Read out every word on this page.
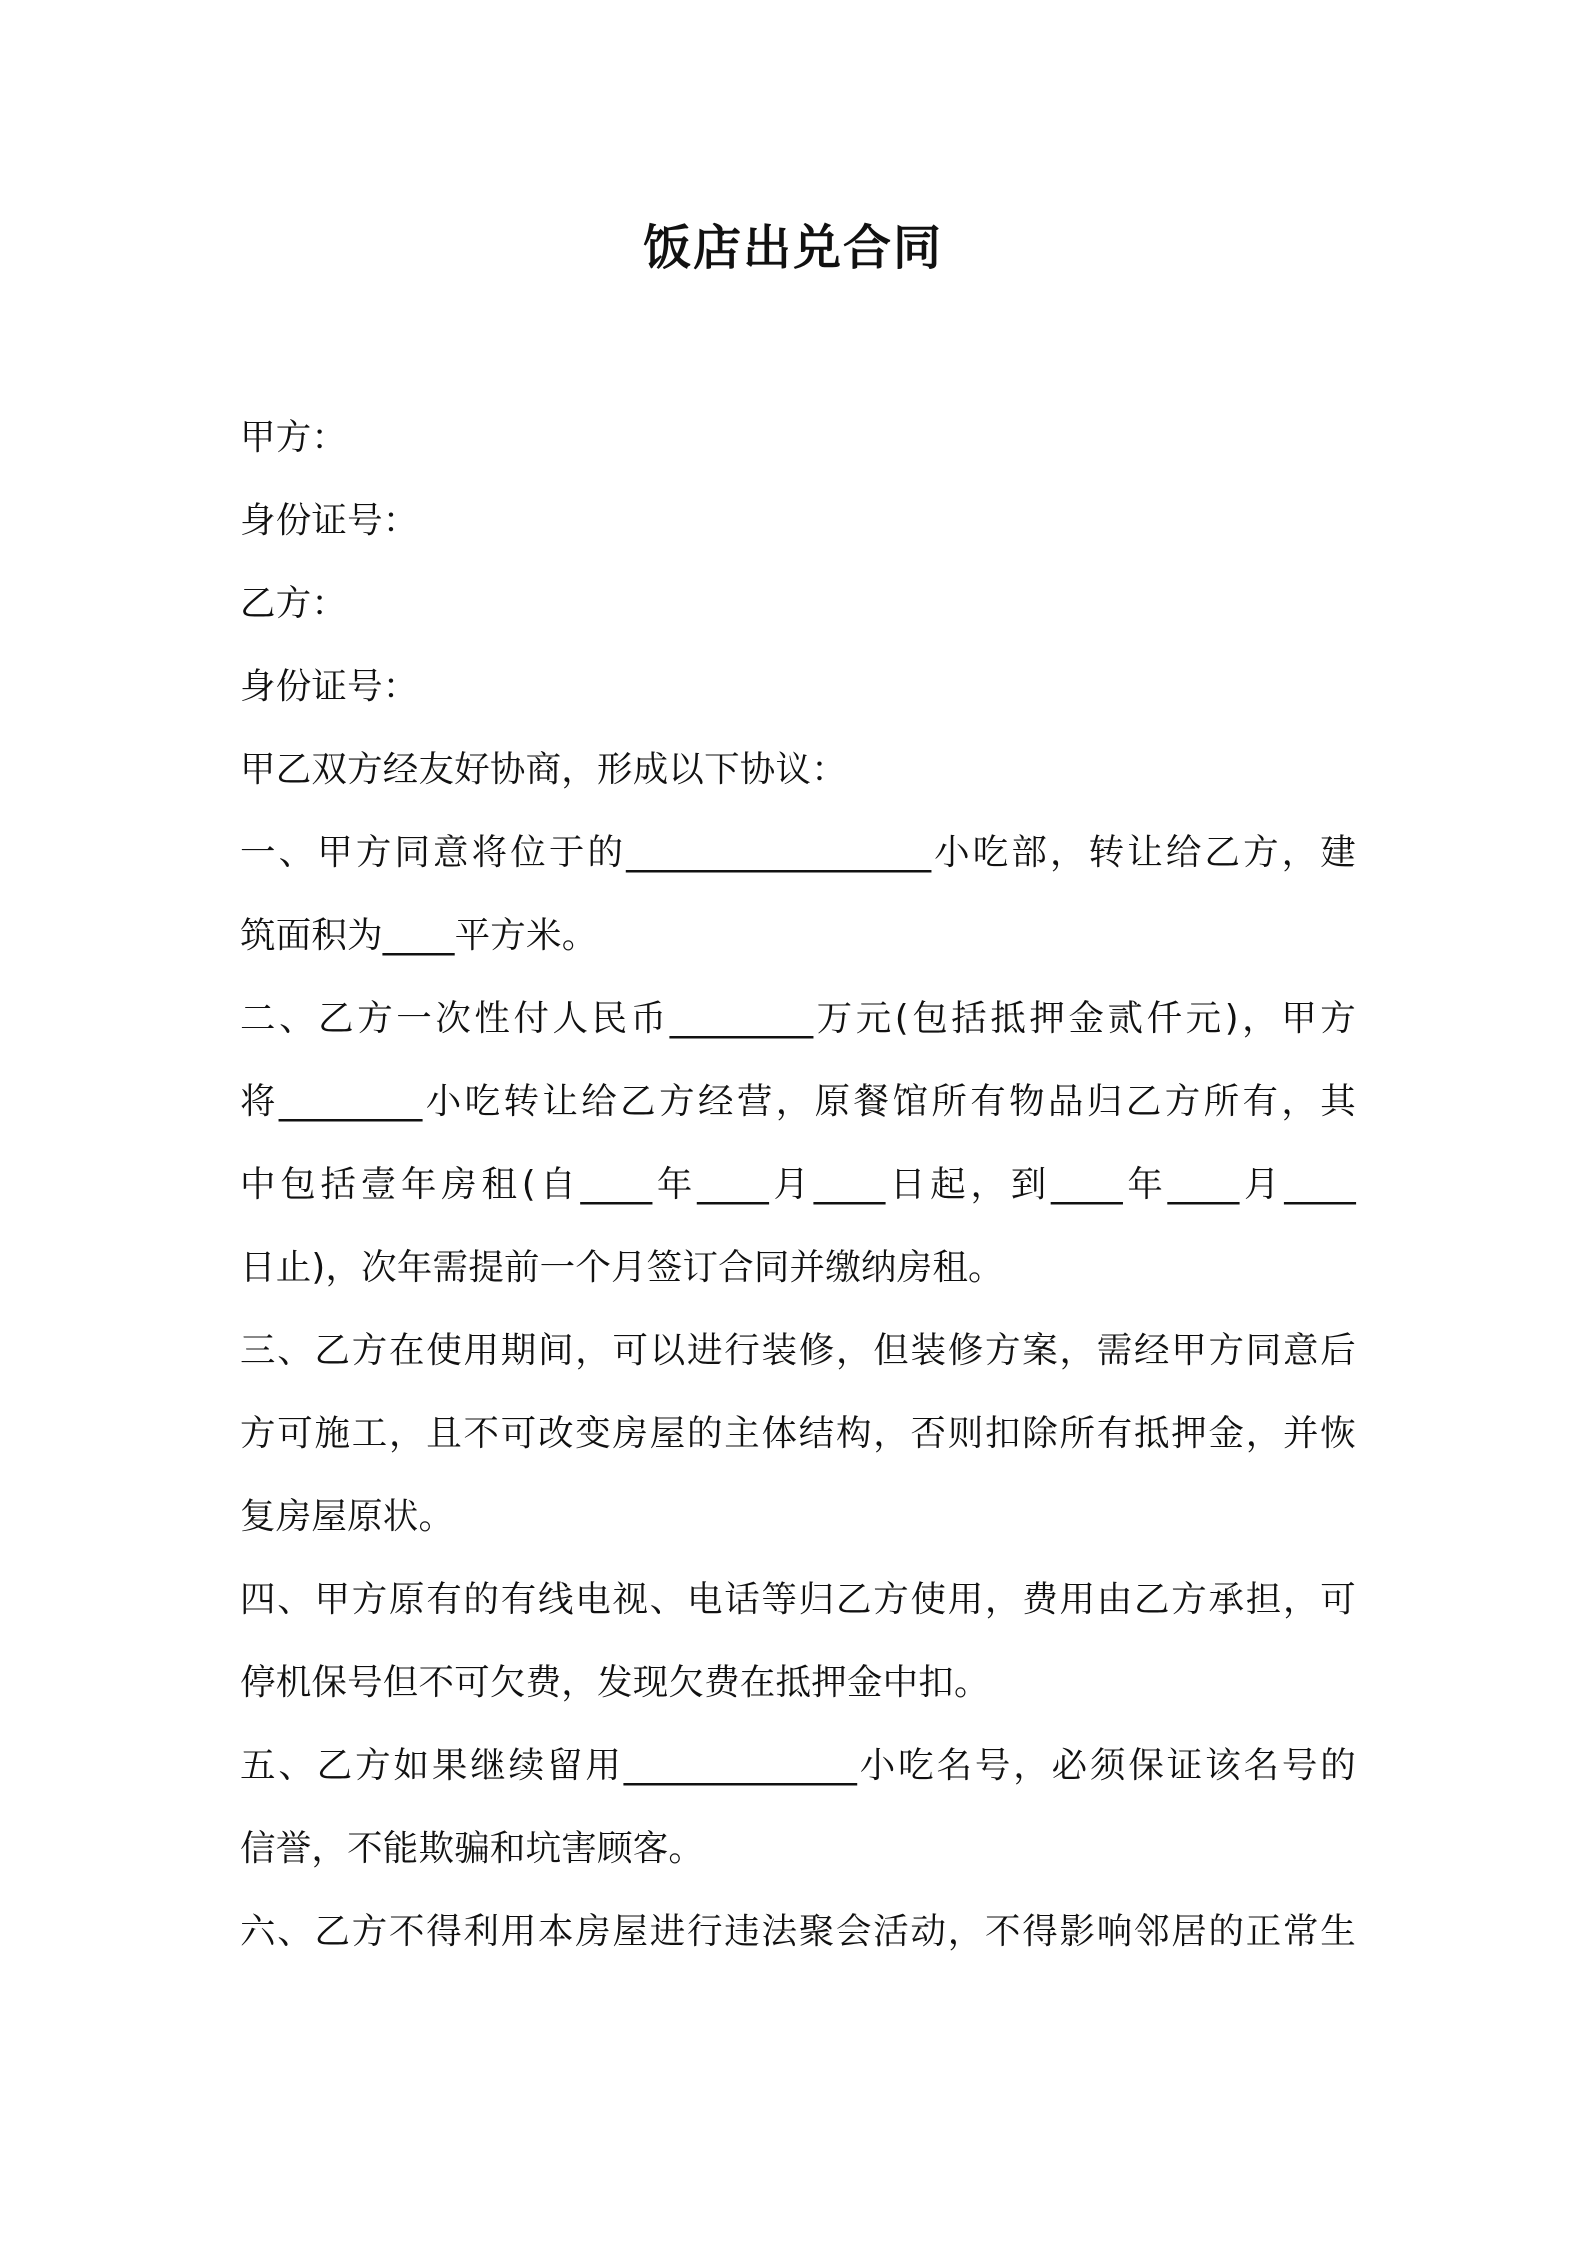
饭店出兑合同
甲方：
身份证号：
乙方：
身份证号：
甲乙双方经友好协商，形成以下协议：
一、甲方同意将位于的_________________小吃部，转让给乙方，建
筑面积为____平方米。
二、乙方一次性付人民币________万元(包括抵押金贰仟元)，甲方
将________小吃转让给乙方经营，原餐馆所有物品归乙方所有，其
中包括壹年房租(自____年____月____日起，到____年____月____
日止)，次年需提前一个月签订合同并缴纳房租。
三、乙方在使用期间，可以进行装修，但装修方案，需经甲方同意后
方可施工，且不可改变房屋的主体结构，否则扣除所有抵押金，并恢
复房屋原状。
四、甲方原有的有线电视、电话等归乙方使用，费用由乙方承担，可
停机保号但不可欠费，发现欠费在抵押金中扣。
五、乙方如果继续留用_____________小吃名号，必须保证该名号的
信誉，不能欺骗和坑害顾客。
六、乙方不得利用本房屋进行违法聚会活动，不得影响邻居的正常生
